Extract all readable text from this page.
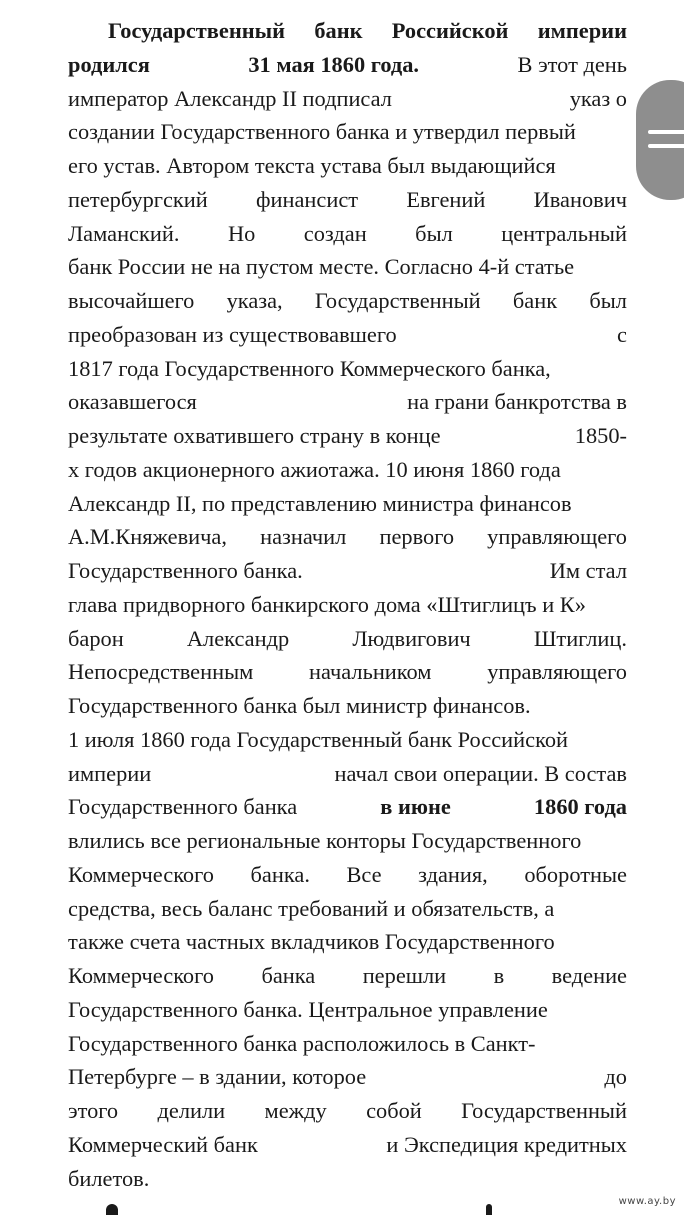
Государственный банк Российской империи
родился	31 мая 1860 года.	В этот день
император Александр II подписал	указ о
создании Государственного банка и утвердил первый
его устав. Автором текста устава был выдающийся
петербургский финансист Евгений Иванович
Ламанский. Но создан был центральный
банк России не на пустом месте. Согласно 4-й статье
высочайшего указа, Государственный банк был
преобразован из существовавшего	с
1817 года Государственного Коммерческого банка,
оказавшегося	на грани банкротства в
результате охватившего страну в конце	1850-
х годов акционерного ажиотажа. 10 июня 1860 года
Александр II, по представлению министра финансов
А.М.Княжевича, назначил первого управляющего
Государственного банка.	Им стал
глава придворного банкирского дома «Штиглицъ и К»
барон	Александр	Людвигович	Штиглиц.
Непосредственным начальником управляющего
Государственного банка был министр финансов.
1 июля 1860 года Государственный банк Российской
империи	начал свои операции. В состав
Государственного банка	в июне	1860 года
влились все региональные конторы Государственного
Коммерческого банка. Все здания, оборотные
средства, весь баланс требований и обязательств, а
также счета частных вкладчиков Государственного
Коммерческого банка перешли в ведение
Государственного банка. Центральное управление
Государственного банка расположилось в Санкт-
Петербурге – в здании, которое	до
этого делили между собой Государственный
Коммерческий банк	и Экспедиция кредитных
билетов.
www.ay.by
